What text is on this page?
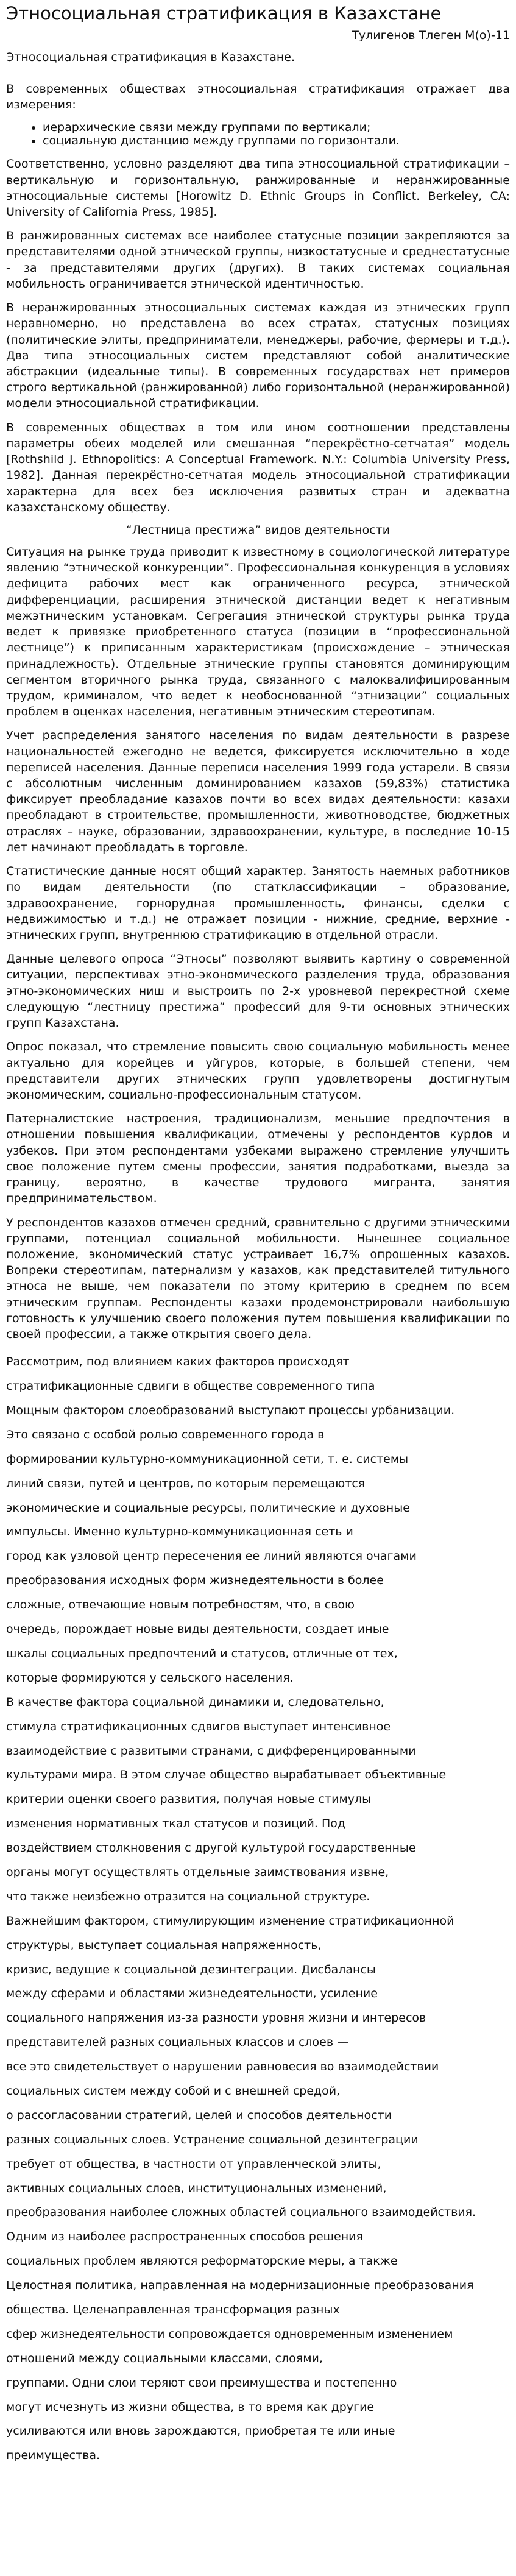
Этносоциальная стратификация в Казахстане
Тулигенов Тлеген М(о)-11
Этносоциальная стратификация в Казахстане.

В современных обществах этносоциальная стратификация отражает два измерения:

• иерархические связи между группами по вертикали;
• социальную дистанцию между группами по горизонтали.

Соответственно, условно разделяют два типа этносоциальной стратификации – вертикальную и горизонтальную, ранжированные и неранжированные этносоциальные системы [Horowitz D. Ethnic Groups in Conflict. Berkeley, CA: University of California Press, 1985].

В ранжированных системах все наиболее статусные позиции закрепляются за представителями одной этнической группы, низкостатусные и среднестатусные - за представителями других (других). В таких системах социальная мобильность ограничивается этнической идентичностью.

В неранжированных этносоциальных системах каждая из этнических групп неравномерно, но представлена во всех стратах, статусных позициях (политические элиты, предприниматели, менеджеры, рабочие, фермеры и т.д.). Два типа этносоциальных систем представляют собой аналитические абстракции (идеальные типы). В современных государствах нет примеров строго вертикальной (ранжированной) либо горизонтальной (неранжированной) модели этносоциальной стратификации.

В современных обществах в том или ином соотношении представлены параметры обеих моделей или смешанная “перекрёстно-сетчатая” модель [Rothshild J. Ethnopolitics: A Conceptual Framework. N.Y.: Columbia University Press, 1982]. Данная перекрёстно-сетчатая модель этносоциальной стратификации характерна для всех без исключения развитых стран и адекватна казахстанскому обществу.

“Лестница престижа” видов деятельности

Ситуация на рынке труда приводит к известному в социологической литературе явлению “этнической конкуренции”. Профессиональная конкуренция в условиях дефицита рабочих мест как ограниченного ресурса, этнической дифференциации, расширения этнической дистанции ведет к негативным межэтническим установкам. Сегрегация этнической структуры рынка труда ведет к привязке приобретенного статуса (позиции в “профессиональной лестнице”) к приписанным характеристикам (происхождение – этническая принадлежность). Отдельные этнические группы становятся доминирующим сегментом вторичного рынка труда, связанного с малоквалифицированным трудом, криминалом, что ведет к необоснованной “этнизации” социальных проблем в оценках населения, негативным этническим стереотипам.

Учет распределения занятого населения по видам деятельности в разрезе национальностей ежегодно не ведется, фиксируется исключительно в ходе переписей населения. Данные переписи населения 1999 года устарели. В связи с абсолютным численным доминированием казахов (59,83%) статистика фиксирует преобладание казахов почти во всех видах деятельности: казахи преобладают в строительстве, промышленности, животноводстве, бюджетных отраслях – науке, образовании, здравоохранении, культуре, в последние 10-15 лет начинают преобладать в торговле.

Статистические данные носят общий характер. Занятость наемных работников по видам деятельности (по статклассификации – образование, здравоохранение, горнорудная промышленность, финансы, сделки с недвижимостью и т.д.) не отражает позиции - нижние, средние, верхние - этнических групп, внутреннюю стратификацию в отдельной отрасли.

Данные целевого опроса “Этносы” позволяют выявить картину о современной ситуации, перспективах этно-экономического разделения труда, образования этно-экономических ниш и выстроить по 2-х уровневой перекрестной схеме следующую “лестницу престижа” профессий для 9-ти основных этнических групп Казахстана.

Опрос показал, что стремление повысить свою социальную мобильность менее актуально для корейцев и уйгуров, которые, в большей степени, чем представители других этнических групп удовлетворены достигнутым экономическим, социально-профессиональным статусом.

Патерналистские настроения, традиционализм, меньшие предпочтения в отношении повышения квалификации, отмечены у респондентов курдов и узбеков. При этом респондентами узбеками выражено стремление улучшить свое положение путем смены профессии, занятия подработками, выезда за границу, вероятно, в качестве трудового мигранта, занятия предпринимательством.

У респондентов казахов отмечен средний, сравнительно с другими этническими группами, потенциал социальной мобильности. Нынешнее социальное положение, экономический статус устраивает 16,7% опрошенных казахов. Вопреки стереотипам, патернализм у казахов, как представителей титульного этноса не выше, чем показатели по этому критерию в среднем по всем этническим группам. Респонденты казахи продемонстрировали наибольшую готовность к улучшению своего положения путем повышения квалификации по своей профессии, а также открытия своего дела.

Рассмотрим, под влиянием каких факторов происходят

стратификационные сдвиги в обществе современного типа

Мощным фактором слоеобразований выступают процессы урбанизации.

Это связано с особой ролью современного города в

формировании культурно-коммуникационной сети, т. е. системы

линий связи, путей и центров, по которым перемещаются

экономические и социальные ресурсы, политические и духовные

импульсы. Именно культурно-коммуникационная сеть и

город как узловой центр пересечения ее линий являются очагами

преобразования исходных форм жизнедеятельности в более

сложные, отвечающие новым потребностям, что, в свою

очередь, порождает новые виды деятельности, создает иные

шкалы социальных предпочтений и статусов, отличные от тех,

которые формируются у сельского населения.

В качестве фактора социальной динамики и, следовательно,

стимула стратификационных сдвигов выступает интенсивное

взаимодействие с развитыми странами, с дифференцированными

культурами мира. В этом случае общество вырабатывает объективные

критерии оценки своего развития, получая новые стимулы

изменения нормативных ткал статусов и позиций. Под

воздействием столкновения с другой культурой государственные

органы могут осуществлять отдельные заимствования извне,

что также неизбежно отразится на социальной структуре.

Важнейшим фактором, стимулирующим изменение стратификационной

структуры, выступает социальная напряженность,

кризис, ведущие к социальной дезинтеграции. Дисбалансы

между сферами и областями жизнедеятельности, усиление

социального напряжения из-за разности уровня жизни и интересов

представителей разных социальных классов и слоев —

все это свидетельствует о нарушении равновесия во взаимодействии

социальных систем между собой и с внешней средой,

о рассогласовании стратегий, целей и способов деятельности

разных социальных слоев. Устранение социальной дезинтеграции

требует от общества, в частности от управленческой элиты,

активных социальных слоев, институциональных изменений,

преобразования наиболее сложных областей социального взаимодействия.

Одним из наиболее распространенных способов решения

социальных проблем являются реформаторские меры, а также

Целостная политика, направленная на модернизационные преобразования

общества. Целенаправленная трансформация разных

сфер жизнедеятельности сопровождается одновременным изменением

отношений между социальными классами, слоями,

группами. Одни слои теряют свои преимущества и постепенно

могут исчезнуть из жизни общества, в то время как другие

усиливаются или вновь зарождаются, приобретая те или иные

преимущества.
